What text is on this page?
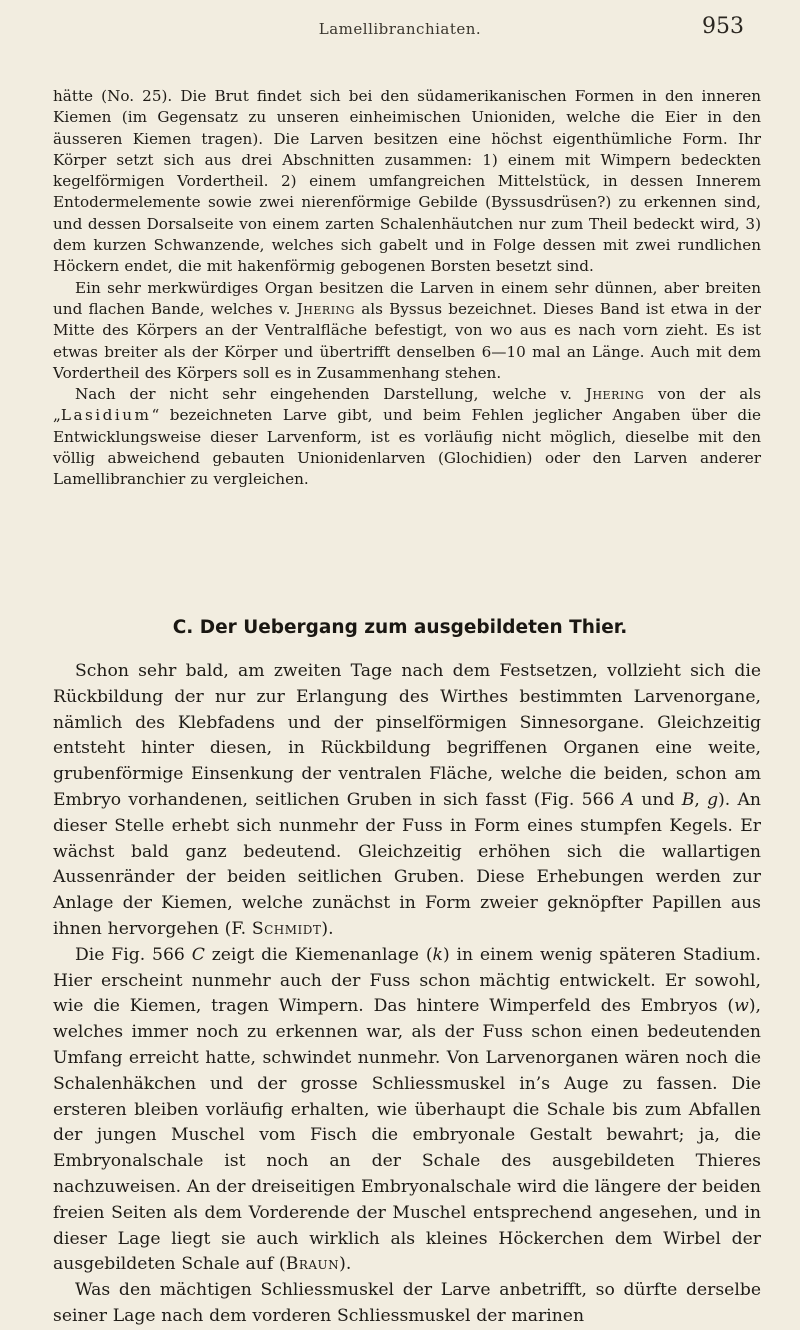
Lamellibranchiaten.	953

hätte (No. 25). Die Brut findet sich bei den südamerikanischen Formen in den inneren Kiemen (im Gegensatz zu unseren einheimischen Unioniden, welche die Eier in den äusseren Kiemen tragen). Die Larven besitzen eine höchst eigenthümliche Form. Ihr Körper setzt sich aus drei Abschnitten zusammen: 1) einem mit Wimpern bedeckten kegelförmigen Vordertheil. 2) einem umfangreichen Mittelstück, in dessen Innerem Entodermelemente sowie zwei nierenförmige Gebilde (Byssusdrüsen?) zu erkennen sind, und dessen Dorsalseite von einem zarten Schalenhäutchen nur zum Theil bedeckt wird, 3) dem kurzen Schwanzende, welches sich gabelt und in Folge dessen mit zwei rundlichen Höckern endet, die mit hakenförmig gebogenen Borsten besetzt sind.

Ein sehr merkwürdiges Organ besitzen die Larven in einem sehr dünnen, aber breiten und flachen Bande, welches v. Jhering als Byssus bezeichnet. Dieses Band ist etwa in der Mitte des Körpers an der Ventralfläche befestigt, von wo aus es nach vorn zieht. Es ist etwas breiter als der Körper und übertrifft denselben 6—10 mal an Länge. Auch mit dem Vordertheil des Körpers soll es in Zusammenhang stehen.

Nach der nicht sehr eingehenden Darstellung, welche v. Jhering von der als „Lasidium“ bezeichneten Larve gibt, und beim Fehlen jeglicher Angaben über die Entwicklungsweise dieser Larvenform, ist es vorläufig nicht möglich, dieselbe mit den völlig abweichend gebauten Unionidenlarven (Glochidien) oder den Larven anderer Lamellibranchier zu vergleichen.

C. Der Uebergang zum ausgebildeten Thier.

Schon sehr bald, am zweiten Tage nach dem Festsetzen, vollzieht sich die Rückbildung der nur zur Erlangung des Wirthes bestimmten Larvenorgane, nämlich des Klebfadens und der pinselförmigen Sinnesorgane. Gleichzeitig entsteht hinter diesen, in Rückbildung begriffenen Organen eine weite, grubenförmige Einsenkung der ventralen Fläche, welche die beiden, schon am Embryo vorhandenen, seitlichen Gruben in sich fasst (Fig. 566 A und B, g). An dieser Stelle erhebt sich nunmehr der Fuss in Form eines stumpfen Kegels. Er wächst bald ganz bedeutend. Gleichzeitig erhöhen sich die wallartigen Aussenränder der beiden seitlichen Gruben. Diese Erhebungen werden zur Anlage der Kiemen, welche zunächst in Form zweier geknöpfter Papillen aus ihnen hervorgehen (F. Schmidt).

Die Fig. 566 C zeigt die Kiemenanlage (k) in einem wenig späteren Stadium. Hier erscheint nunmehr auch der Fuss schon mächtig entwickelt. Er sowohl, wie die Kiemen, tragen Wimpern. Das hintere Wimperfeld des Embryos (w), welches immer noch zu erkennen war, als der Fuss schon einen bedeutenden Umfang erreicht hatte, schwindet nunmehr. Von Larvenorganen wären noch die Schalenhäkchen und der grosse Schliessmuskel in’s Auge zu fassen. Die ersteren bleiben vorläufig erhalten, wie überhaupt die Schale bis zum Abfallen der jungen Muschel vom Fisch die embryonale Gestalt bewahrt; ja, die Embryonalschale ist noch an der Schale des ausgebildeten Thieres nachzuweisen. An der dreiseitigen Embryonalschale wird die längere der beiden freien Seiten als dem Vorderende der Muschel entsprechend angesehen, und in dieser Lage liegt sie auch wirklich als kleines Höckerchen dem Wirbel der ausgebildeten Schale auf (Braun).

Was den mächtigen Schliessmuskel der Larve anbetrifft, so dürfte derselbe seiner Lage nach dem vorderen Schliessmuskel der marinen
